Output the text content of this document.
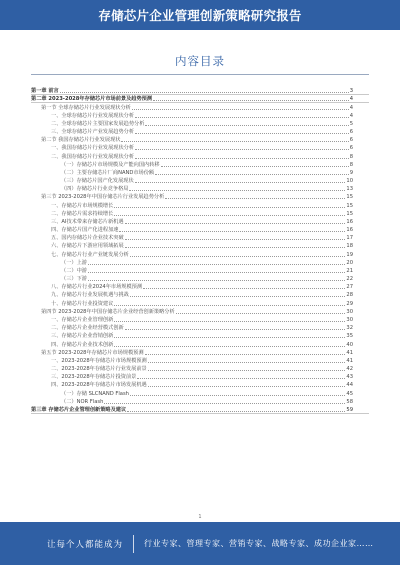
存储芯片企业管理创新策略研究报告
内容目录
第一章 前言	3
第二章 2023-2028年存储芯片市场前景及趋势预测	4
第一节 全球存储芯片行业发展现状分析	4
一、全球存储芯片行业发展现状分析	4
二、全球存储芯片主要国家发展趋势分析	5
三、全球存储芯片产业发展趋势分析	6
第二节 我国存储芯片行业发展现状	6
一、我国存储芯片行业发展现状分析	6
二、我国存储芯片行业发展现状分析	8
（一）存储芯片市场规模及产能向国内转移	8
（二）主要存储芯片厂商NAND市场份额	9
（三）存储芯片国产化发展现状	10
（四）存储芯片行业竞争格局	13
第三节 2023-2028年中国存储芯片行业发展趋势分析	15
一、存储芯片市场规模增长	15
二、存储芯片需求持续增长	15
三、AI技术带来存储芯片新机遇	16
四、存储芯片国产化进程加速	16
五、国内存储芯片企业技术突破	17
六、存储芯片下游应用领域拓展	18
七、存储芯片行业产业链发展分析	19
（一）上游	20
（二）中游	21
（三）下游	22
八、存储芯片行业2024年市场规模预测	27
九、存储芯片行业发展机遇与挑战	28
十、存储芯片行业投资建议	29
第四节 2023-2028年中国存储芯片企业经营创新策略分析	30
一、存储芯片企业管理创新	30
二、存储芯片企业经营模式创新	32
三、存储芯片企业营销创新	35
四、存储芯片企业技术创新	40
第五节 2023-2028年存储芯片市场规模预测	41
一、2023-2028年存储芯片市场规模预测	41
二、2023-2028年存储芯片行业发展前景	42
三、2023-2028年存储芯片投资前景	43
四、2023-2028年存储芯片市场发展机遇	44
（一）存储 SLCNAND Flash	45
（二）NOR Flash	58
第三章 存储芯片企业管理创新策略及建议	59
1
让每个人都能成为	行业专家、管理专家、营销专家、战略专家、成功企业家……
